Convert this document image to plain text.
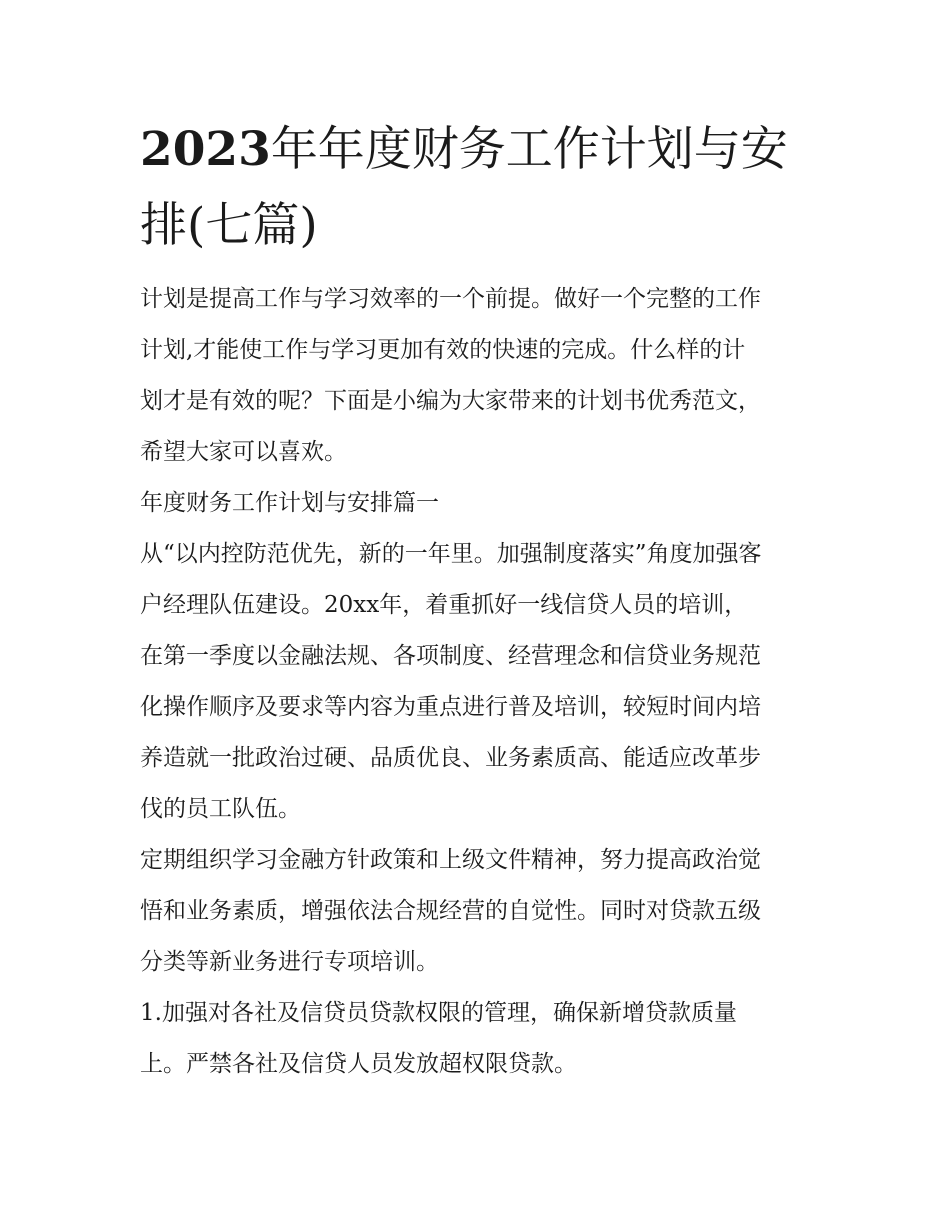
2023年年度财务工作计划与安排(七篇)

计划是提高工作与学习效率的一个前提。做好一个完整的工作
计划,才能使工作与学习更加有效的快速的完成。什么样的计
划才是有效的呢？下面是小编为大家带来的计划书优秀范文，
希望大家可以喜欢。

年度财务工作计划与安排篇一

从“以内控防范优先，新的一年里。加强制度落实”角度加强客
户经理队伍建设。20xx年，着重抓好一线信贷人员的培训，
在第一季度以金融法规、各项制度、经营理念和信贷业务规范
化操作顺序及要求等内容为重点进行普及培训，较短时间内培
养造就一批政治过硬、品质优良、业务素质高、能适应改革步
伐的员工队伍。

定期组织学习金融方针政策和上级文件精神，努力提高政治觉
悟和业务素质，增强依法合规经营的自觉性。同时对贷款五级
分类等新业务进行专项培训。

1.加强对各社及信贷员贷款权限的管理，确保新增贷款质量
上。严禁各社及信贷人员发放超权限贷款。
